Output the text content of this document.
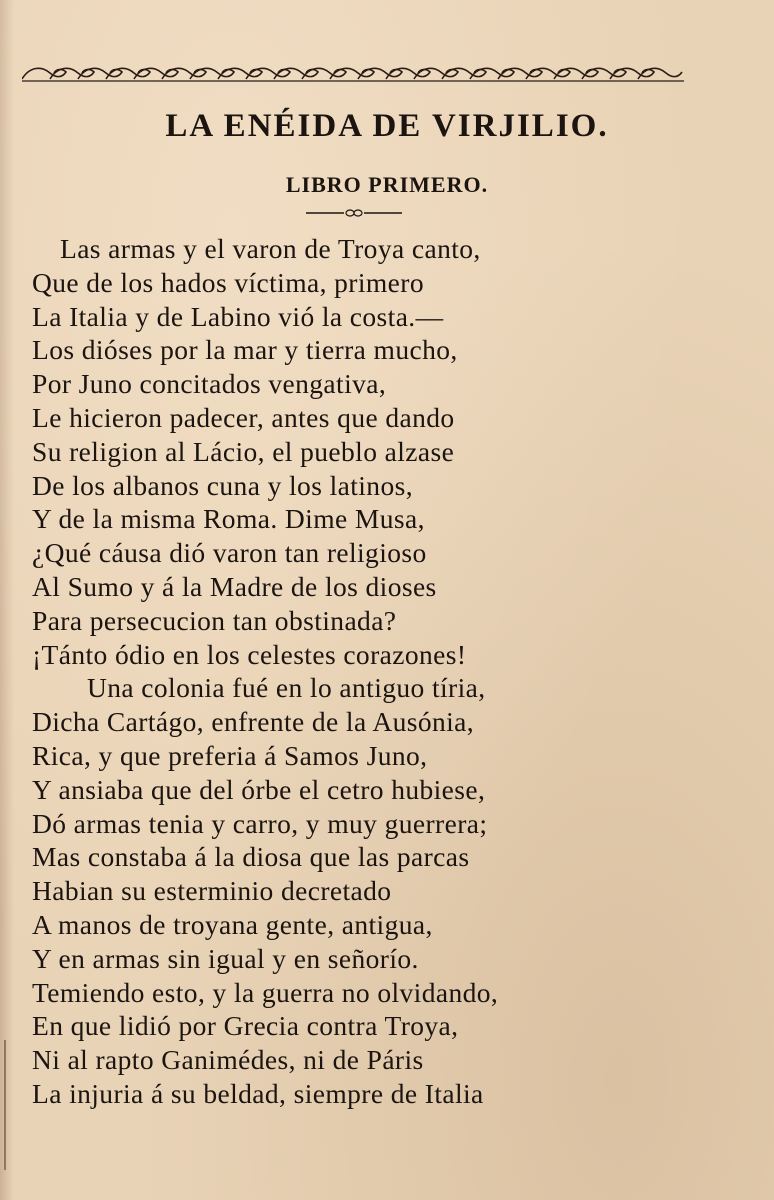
LA ENÉIDA DE VIRJILIO.
LIBRO PRIMERO.
Las armas y el varon de Troya canto,
Que de los hados víctima, primero
La Italia y de Labino vió la costa.—
Los dióses por la mar y tierra mucho,
Por Juno concitados vengativa,
Le hicieron padecer, antes que dando
Su religion al Lácio, el pueblo alzase
De los albanos cuna y los latinos,
Y de la misma Roma. Dime Musa,
¿Qué cáusa dió varon tan religioso
Al Sumo y á la Madre de los dioses
Para persecucion tan obstinada?
¡Tánto ódio en los celestes corazones!
Una colonia fué en lo antiguo tíria,
Dicha Cartágo, enfrente de la Ausónia,
Rica, y que preferia á Samos Juno,
Y ansiaba que del órbe el cetro hubiese,
Dó armas tenia y carro, y muy guerrera;
Mas constaba á la diosa que las parcas
Habian su esterminio decretado
A manos de troyana gente, antigua,
Y en armas sin igual y en señorío.
Temiendo esto, y la guerra no olvidando,
En que lidió por Grecia contra Troya,
Ni al rapto Ganimédes, ni de Páris
La injuria á su beldad, siempre de Italia
